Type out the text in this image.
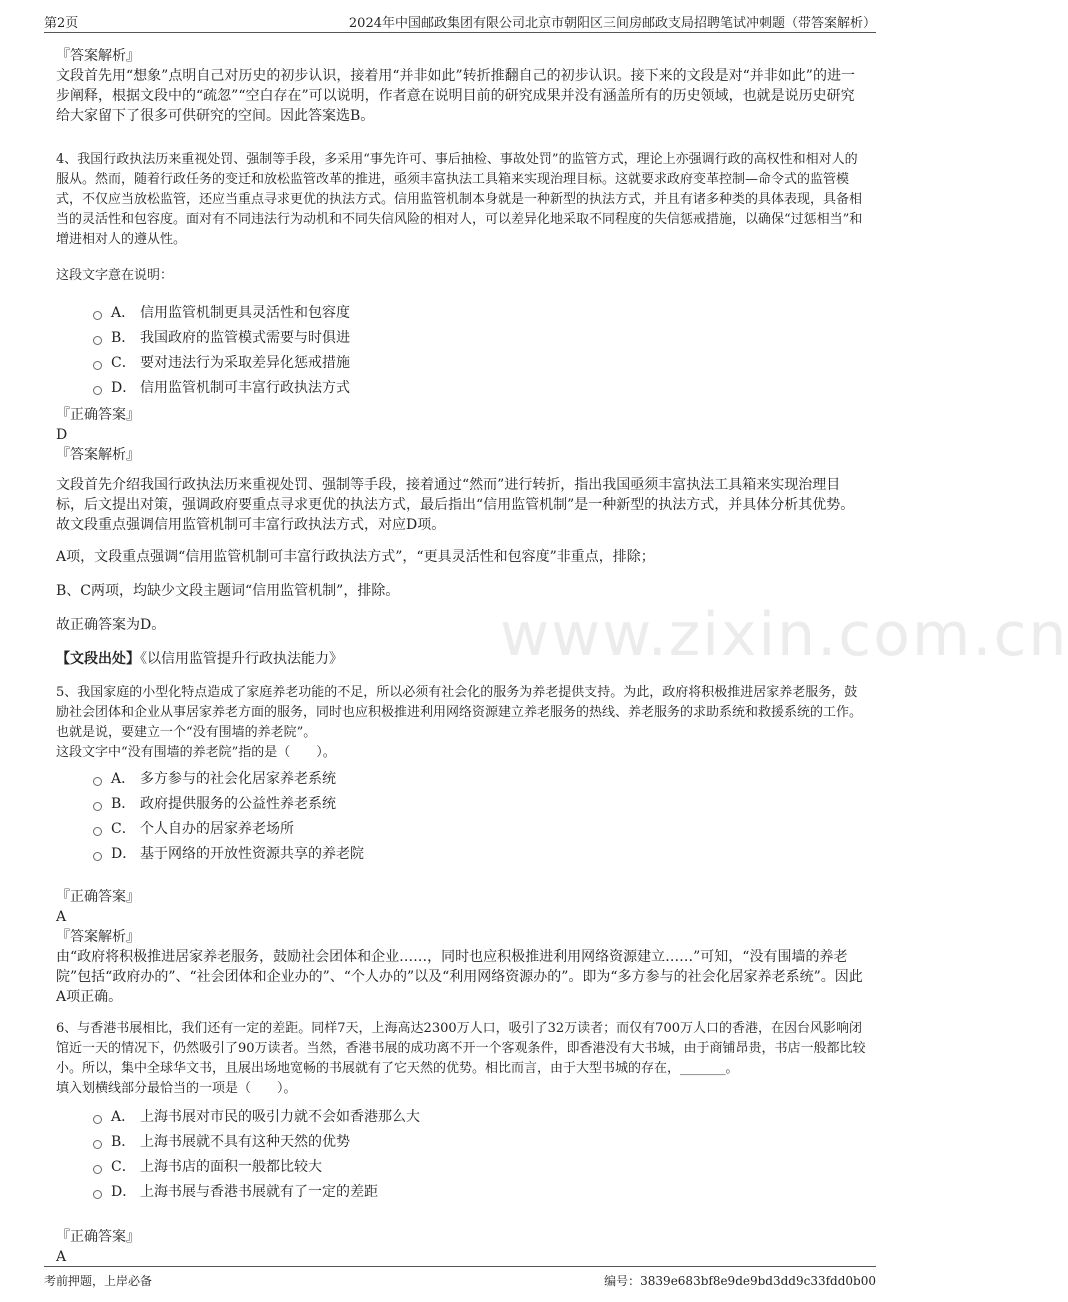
第2页	2024年中国邮政集团有限公司北京市朝阳区三间房邮政支局招聘笔试冲刺题（带答案解析）
www.zixin.com.cn

『答案解析』

文段首先用“想象”点明自己对历史的初步认识，接着用“并非如此”转折推翻自己的初步认识。接下来的文段是对“并非如此”的进一步阐释，根据文段中的“疏忽”“空白存在”可以说明，作者意在说明目前的研究成果并没有涵盖所有的历史领域，也就是说历史研究给大家留下了很多可供研究的空间。因此答案选B。

4、我国行政执法历来重视处罚、强制等手段，多采用“事先许可、事后抽检、事故处罚”的监管方式，理论上亦强调行政的高权性和相对人的服从。然而，随着行政任务的变迁和放松监管改革的推进，亟须丰富执法工具箱来实现治理目标。这就要求政府变革控制—命令式的监管模式，不仅应当放松监管，还应当重点寻求更优的执法方式。信用监管机制本身就是一种新型的执法方式，并且有诸多种类的具体表现，具备相当的灵活性和包容度。面对有不同违法行为动机和不同失信风险的相对人，可以差异化地采取不同程度的失信惩戒措施，以确保“过惩相当”和增进相对人的遵从性。

这段文字意在说明：

A． 信用监管机制更具灵活性和包容度
B． 我国政府的监管模式需要与时俱进
C． 要对违法行为采取差异化惩戒措施
D． 信用监管机制可丰富行政执法方式

『正确答案』

D

『答案解析』

文段首先介绍我国行政执法历来重视处罚、强制等手段，接着通过“然而”进行转折，指出我国亟须丰富执法工具箱来实现治理目标，后文提出对策，强调政府要重点寻求更优的执法方式，最后指出“信用监管机制”是一种新型的执法方式，并具体分析其优势。故文段重点强调信用监管机制可丰富行政执法方式，对应D项。

A项，文段重点强调“信用监管机制可丰富行政执法方式”，“更具灵活性和包容度”非重点，排除；

B、C两项，均缺少文段主题词“信用监管机制”，排除。

故正确答案为D。

【文段出处】《以信用监管提升行政执法能力》

5、我国家庭的小型化特点造成了家庭养老功能的不足，所以必须有社会化的服务为养老提供支持。为此，政府将积极推进居家养老服务，鼓励社会团体和企业从事居家养老方面的服务，同时也应积极推进利用网络资源建立养老服务的热线、养老服务的求助系统和救援系统的工作。也就是说，要建立一个“没有围墙的养老院”。

这段文字中“没有围墙的养老院”指的是（　　）。

A． 多方参与的社会化居家养老系统
B． 政府提供服务的公益性养老系统
C． 个人自办的居家养老场所
D． 基于网络的开放性资源共享的养老院

『正确答案』

A

『答案解析』

由“政府将积极推进居家养老服务，鼓励社会团体和企业……，同时也应积极推进利用网络资源建立……”可知，“没有围墙的养老院”包括“政府办的”、“社会团体和企业办的”、“个人办的”以及“利用网络资源办的”。即为“多方参与的社会化居家养老系统”。因此A项正确。

6、与香港书展相比，我们还有一定的差距。同样7天，上海高达2300万人口，吸引了32万读者；而仅有700万人口的香港，在因台风影响闭馆近一天的情况下，仍然吸引了90万读者。当然，香港书展的成功离不开一个客观条件，即香港没有大书城，由于商铺昂贵，书店一般都比较小。所以，集中全球华文书，且展出场地宽畅的书展就有了它天然的优势。相比而言，由于大型书城的存在，_______。

填入划横线部分最恰当的一项是（　　）。

A． 上海书展对市民的吸引力就不会如香港那么大
B． 上海书展就不具有这种天然的优势
C． 上海书店的面积一般都比较大
D． 上海书展与香港书展就有了一定的差距

『正确答案』

A

考前押题，上岸必备	编号：3839e683bf8e9de9bd3dd9c33fdd0b00
